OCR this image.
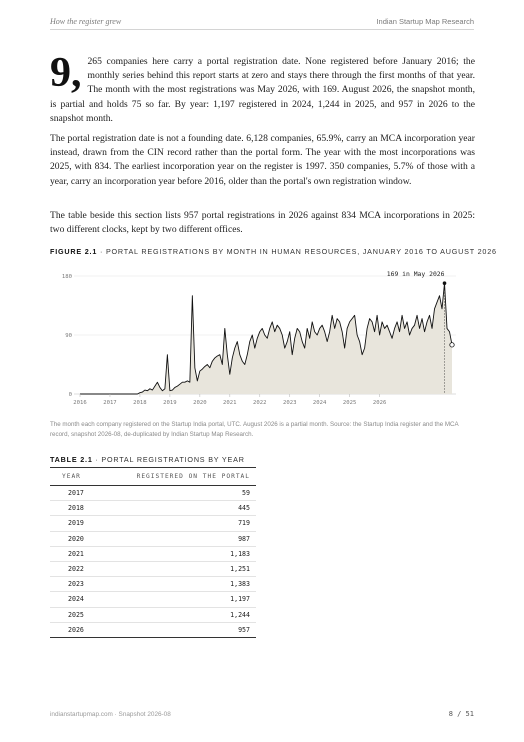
How the register grew	Indian Startup Map Research
9, 265 companies here carry a portal registration date. None registered before January 2016; the monthly series behind this report starts at zero and stays there through the first months of that year. The month with the most registrations was May 2026, with 169. August 2026, the snapshot month, is partial and holds 75 so far. By year: 1,197 registered in 2024, 1,244 in 2025, and 957 in 2026 to the snapshot month.

The portal registration date is not a founding date. 6,128 companies, 65.9%, carry an MCA incorporation year instead, drawn from the CIN record rather than the portal form. The year with the most incorporations was 2025, with 834. The earliest incorporation year on the register is 1997. 350 companies, 5.7% of those with a year, carry an incorporation year before 2016, older than the portal's own registration window.

The table beside this section lists 957 portal registrations in 2026 against 834 MCA incorporations in 2025: two different clocks, kept by two different offices.

FIGURE 2.1 · PORTAL REGISTRATIONS BY MONTH IN HUMAN RESOURCES, JANUARY 2016 TO AUGUST 2026
0
90
180
2016	2017	2018	2019	2020	2021	2022	2023	2024	2025	2026
169 in May 2026
The month each company registered on the Startup India portal, UTC. August 2026 is a partial month. Source: the Startup India register and the MCA record, snapshot 2026-08, de-duplicated by Indian Startup Map Research.
TABLE 2.1 · PORTAL REGISTRATIONS BY YEAR
YEAR	REGISTERED ON THE PORTAL
2017	59
2018	445
2019	719
2020	987
2021	1,183
2022	1,251
2023	1,383
2024	1,197
2025	1,244
2026	957
indianstartupmap.com · Snapshot 2026-08	8 / 51
